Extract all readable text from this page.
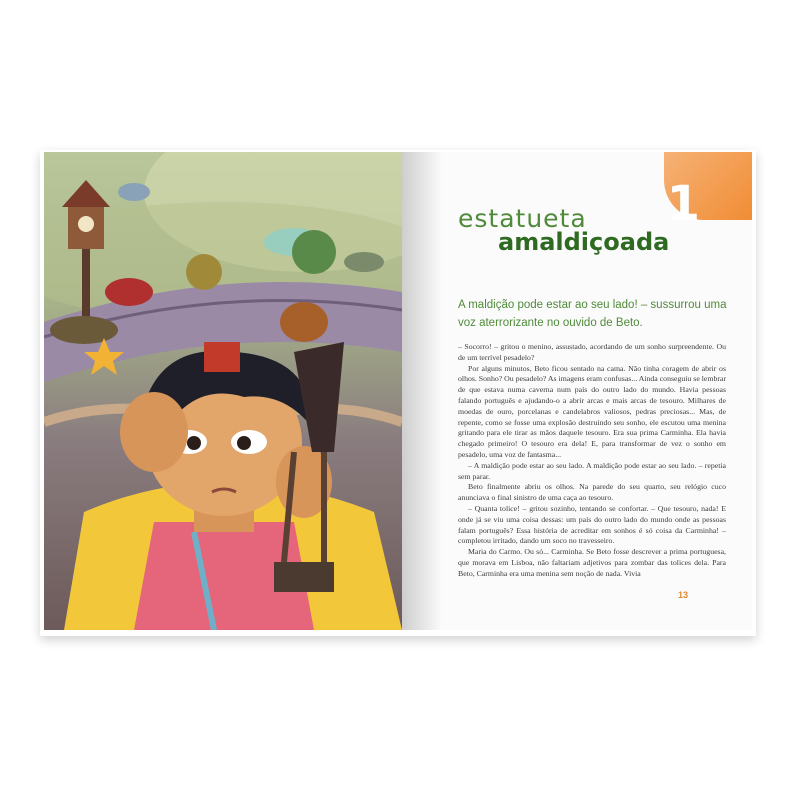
1
estatueta
amaldiçoada
A maldição pode estar ao seu lado! – sussurrou uma voz aterrorizante no ouvido de Beto.

– Socorro! – gritou o menino, assustado, acordando de um sonho surpreendente. Ou de um terrível pesadelo?

Por alguns minutos, Beto ficou sentado na cama. Não tinha coragem de abrir os olhos. Sonho? Ou pesadelo? As imagens eram confusas... Ainda conseguiu se lembrar de que estava numa caverna num país do outro lado do mundo. Havia pessoas falando português e ajudando-o a abrir arcas e mais arcas de tesouro. Milhares de moedas de ouro, porcelanas e candelabros valiosos, pedras preciosas... Mas, de repente, como se fosse uma explosão destruindo seu sonho, ele escutou uma menina gritando para ele tirar as mãos daquele tesouro. Era sua prima Carminha. Ela havia chegado primeiro! O tesouro era dela! E, para transformar de vez o sonho em pesadelo, uma voz de fantasma...

– A maldição pode estar ao seu lado. A maldição pode estar ao seu lado. – repetia sem parar.

Beto finalmente abriu os olhos. Na parede do seu quarto, seu relógio cuco anunciava o final sinistro de uma caça ao tesouro.

– Quanta tolice! – gritou sozinho, tentando se confortar. – Que tesouro, nada! E onde já se viu uma coisa dessas: um país do outro lado do mundo onde as pessoas falam português? Essa história de acreditar em sonhos é só coisa da Carminha! – completou irritado, dando um soco no travesseiro.

Maria do Carmo. Ou só... Carminha. Se Beto fosse descrever a prima portuguesa, que morava em Lisboa, não faltariam adjetivos para zombar das tolices dela. Para Beto, Carminha era uma menina sem noção de nada. Vivia

13
